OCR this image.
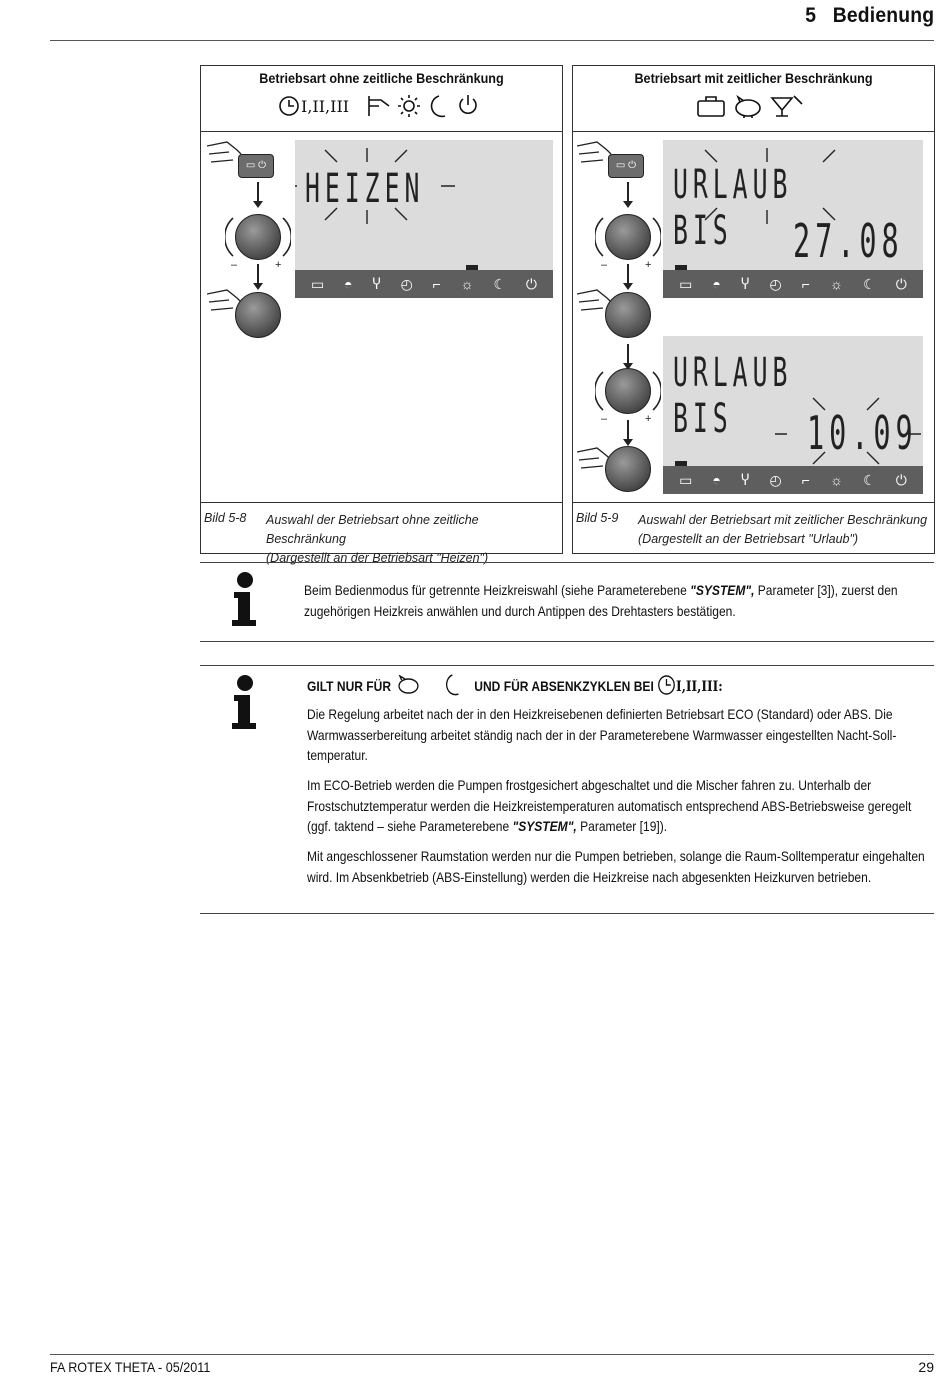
5 Bedienung
Betriebsart ohne zeitliche Beschränkung
I,II,III
▭ ⏻
–	+
HEIZEN
▭ ◓ Ⴤ ◴ ⌐ ☼ ☾ ⏻
Bild 5-8 Auswahl der Betriebsart ohne zeitliche Beschränkung
(Dargestellt an der Betriebsart "Heizen")
Betriebsart mit zeitlicher Beschränkung
▭ ⏻
–	+
–	+
URLAUB BIS	27.08
▭ ◓ Ⴤ ◴ ⌐ ☼ ☾ ⏻
URLAUB BIS	10.09
▭ ◓ Ⴤ ◴ ⌐ ☼ ☾ ⏻
Bild 5-9 Auswahl der Betriebsart mit zeitlicher Beschränkung
(Dargestellt an der Betriebsart "Urlaub")
Beim Bedienmodus für getrennte Heizkreiswahl (siehe Parameterebene "SYSTEM", Parameter [3]), zuerst den zugehörigen Heizkreis anwählen und durch Antippen des Drehtasters bestätigen.
GILT NUR FÜR	UND FÜR ABSENKZYKLEN BEI I,II,III:
Die Regelung arbeitet nach der in den Heizkreisebenen definierten Betriebsart ECO (Standard) oder ABS. Die Warmwasserbereitung arbeitet ständig nach der in der Parameterebene Warmwasser eingestellten Nacht-Soll-temperatur.
Im ECO-Betrieb werden die Pumpen frostgesichert abgeschaltet und die Mischer fahren zu. Unterhalb der Frostschutztemperatur werden die Heizkreistemperaturen automatisch entsprechend ABS-Betriebsweise geregelt (ggf. taktend – siehe Parameterebene "SYSTEM", Parameter [19]).
Mit angeschlossener Raumstation werden nur die Pumpen betrieben, solange die Raum-Solltemperatur eingehalten wird. Im Absenkbetrieb (ABS-Einstellung) werden die Heizkreise nach abgesenkten Heizkurven betrieben.
FA ROTEX THETA - 05/2011	29
